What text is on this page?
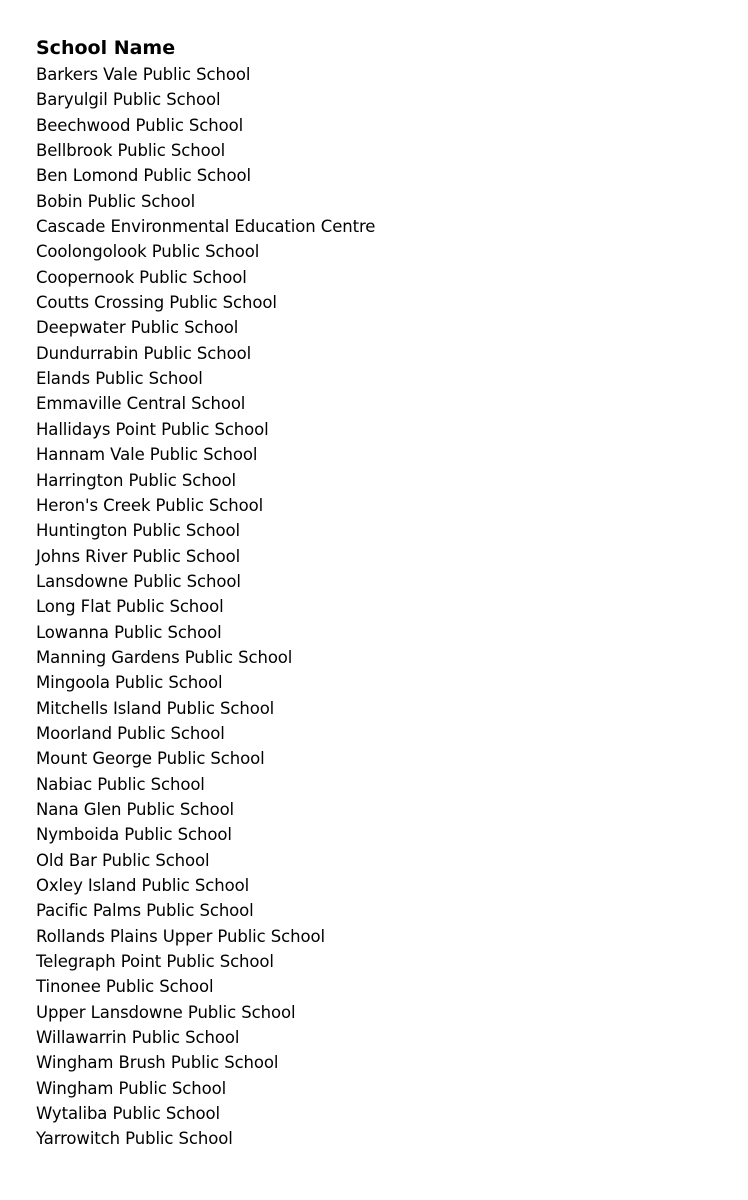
School Name
Barkers Vale Public School
Baryulgil Public School
Beechwood Public School
Bellbrook Public School
Ben Lomond Public School
Bobin Public School
Cascade Environmental Education Centre
Coolongolook Public School
Coopernook Public School
Coutts Crossing Public School
Deepwater Public School
Dundurrabin Public School
Elands Public School
Emmaville Central School
Hallidays Point Public School
Hannam Vale Public School
Harrington Public School
Heron's Creek Public School
Huntington Public School
Johns River Public School
Lansdowne Public School
Long Flat Public School
Lowanna Public School
Manning Gardens Public School
Mingoola Public School
Mitchells Island Public School
Moorland Public School
Mount George Public School
Nabiac Public School
Nana Glen Public School
Nymboida Public School
Old Bar Public School
Oxley Island Public School
Pacific Palms Public School
Rollands Plains Upper Public School
Telegraph Point Public School
Tinonee Public School
Upper Lansdowne Public School
Willawarrin Public School
Wingham Brush Public School
Wingham Public School
Wytaliba Public School
Yarrowitch Public School
